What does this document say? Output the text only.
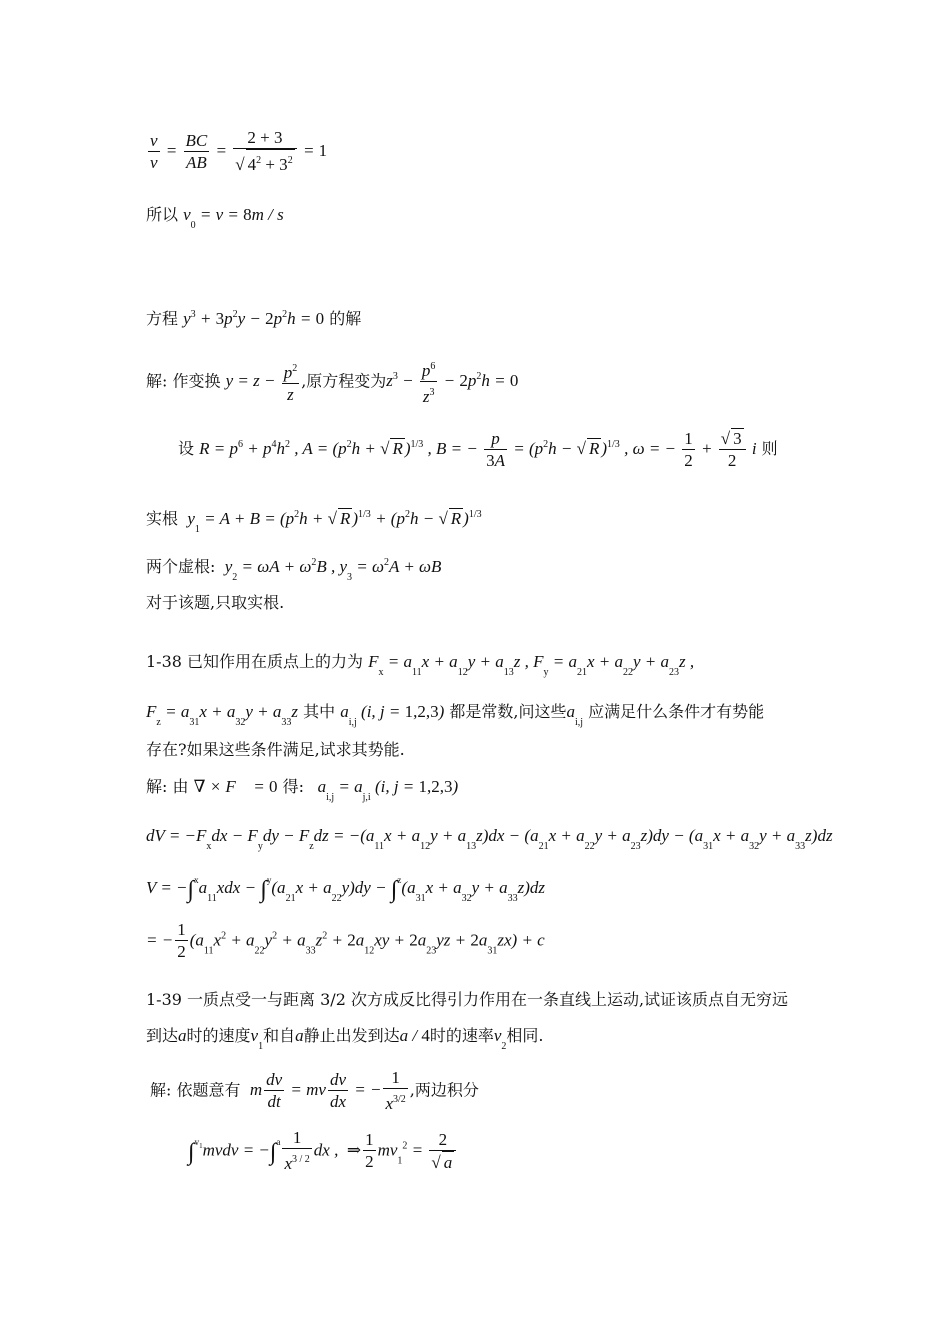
$\frac{v}{v} = \frac{BC}{AB} = \frac{2 + 3}{√ 4^2 + 3^2} = 1$
所以 $v_0 = v = 8m / s$
方程 $y^3 + 3p^2y - 2p^2h = 0$ 的解
解: 作变换 $y = z - \frac{p^2}{z}$ ,原方程变为$z^3 - \frac{p^6}{z^3} - 2p^2h = 0$
设 $R = p^6 + p^4h^2$ , $A = (p^2h$ + √ R )$^{1/3}$ , B = − $\frac{p}{3A} = (p^2h$ − √ R )$^{1/3}$ , ω = − $\frac{1}{2} + \frac{√ 3}{2}$ i 则
实根  $y_1 = A + B = (p^2h$ + √ R )$^{1/3} + (p^2h$ − √ R )$^{1/3}$
两个虚根:  $y_2 = \omega A + \omega^2B$ , $y_3 = \omega^2A + \omega B$
对于该题,只取实根.
1-38 已知作用在质点上的力为 $F_x = a_{11}x + a_{12}y + a_{13}z$ , $F_y = a_{21}x + a_{22}y + a_{23}z$ ,
$F_z = a_{31}x + a_{32}y + a_{33}z$ 其中 $a_{i,j}$ (i, j = 1,2,3) 都是常数,问这些$a_{i,j}$ 应满足什么条件才有势能
存在?如果这些条件满足,试求其势能.
解: 由 ∇ × F⃗ = 0 得:   $a_{i,j} = a_{j,i}$ (i, j = 1,2,3)
dV = $-F_xdx - F_ydy - F_zdz = -(a_{11}x + a_{12}y + a_{13}z)dx - (a_{21}x + a_{22}y + a_{23}z)dy - (a_{31}x + a_{32}y + a_{33}z)dz$
$V = -\int xa_{11}xdx - \int y(a_{21}x + a_{22}y)dy - \int z(a_{31}x + a_{32}y + a_{33}z)dz$
= − $\frac{1}{2} (a_{11}x^2 + a_{22}y^2 + a_{33}z^2 + 2a_{12}xy + 2a_{23}yz + 2a_{31}zx) + c$
1-39 一质点受一与距离 3/2 次方成反比得引力作用在一条直线上运动,试证该质点自无穷远
到达a时的速度$v_1$和自a静止出发到达a / 4时的速率$v_2$相同.
解: 依题意有  m $\frac{dv}{dt}$ = mv $\frac{dv}{dx}$ = − $\frac{1}{x^{3/2}}$ ,两边积分
$\int v_1mvdv = -\int a \frac{1}{x^{3 / 2}}$ dx ,  ⇒ $\frac{1}{2} mv_1^2 = \frac{2}{√ a}$
